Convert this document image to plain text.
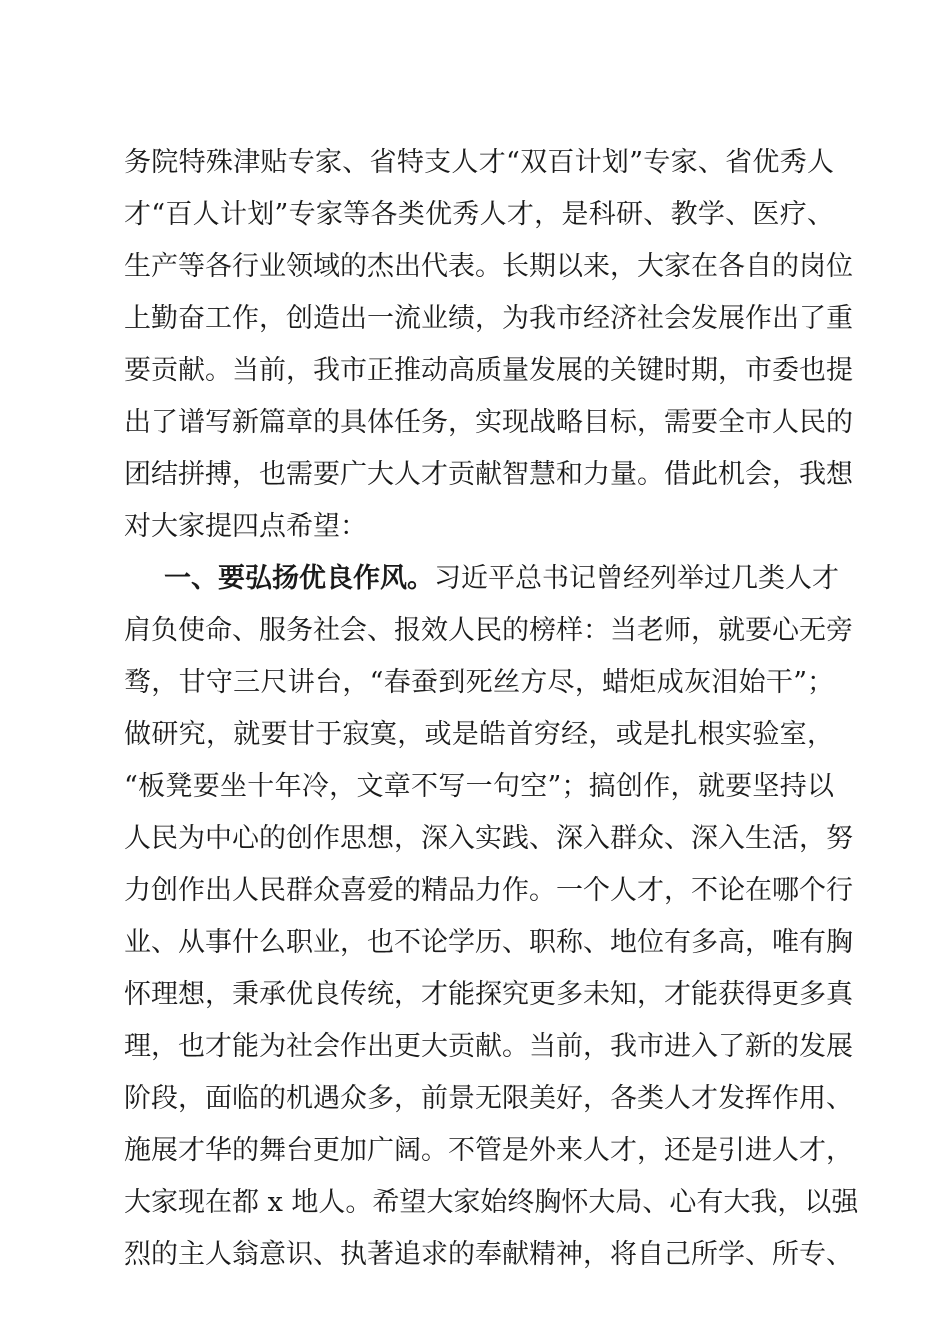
务院特殊津贴专家、省特支人才“双百计划”专家、省优秀人
才“百人计划”专家等各类优秀人才，是科研、教学、医疗、
生产等各行业领域的杰出代表。长期以来，大家在各自的岗位
上勤奋工作，创造出一流业绩，为我市经济社会发展作出了重
要贡献。当前，我市正推动高质量发展的关键时期，市委也提
出了谱写新篇章的具体任务，实现战略目标，需要全市人民的
团结拼搏，也需要广大人才贡献智慧和力量。借此机会，我想
对大家提四点希望：
一、要弘扬优良作风。习近平总书记曾经列举过几类人才
肩负使命、服务社会、报效人民的榜样：当老师，就要心无旁
骛，甘守三尺讲台，“春蚕到死丝方尽，蜡炬成灰泪始干”；
做研究，就要甘于寂寞，或是皓首穷经，或是扎根实验室，
“板凳要坐十年冷，文章不写一句空”；搞创作，就要坚持以
人民为中心的创作思想，深入实践、深入群众、深入生活，努
力创作出人民群众喜爱的精品力作。一个人才，不论在哪个行
业、从事什么职业，也不论学历、职称、地位有多高，唯有胸
怀理想，秉承优良传统，才能探究更多未知，才能获得更多真
理，也才能为社会作出更大贡献。当前，我市进入了新的发展
阶段，面临的机遇众多，前景无限美好，各类人才发挥作用、
施展才华的舞台更加广阔。不管是外来人才，还是引进人才，
大家现在都 x 地人。希望大家始终胸怀大局、心有大我，以强
烈的主人翁意识、执著追求的奉献精神，将自己所学、所专、
